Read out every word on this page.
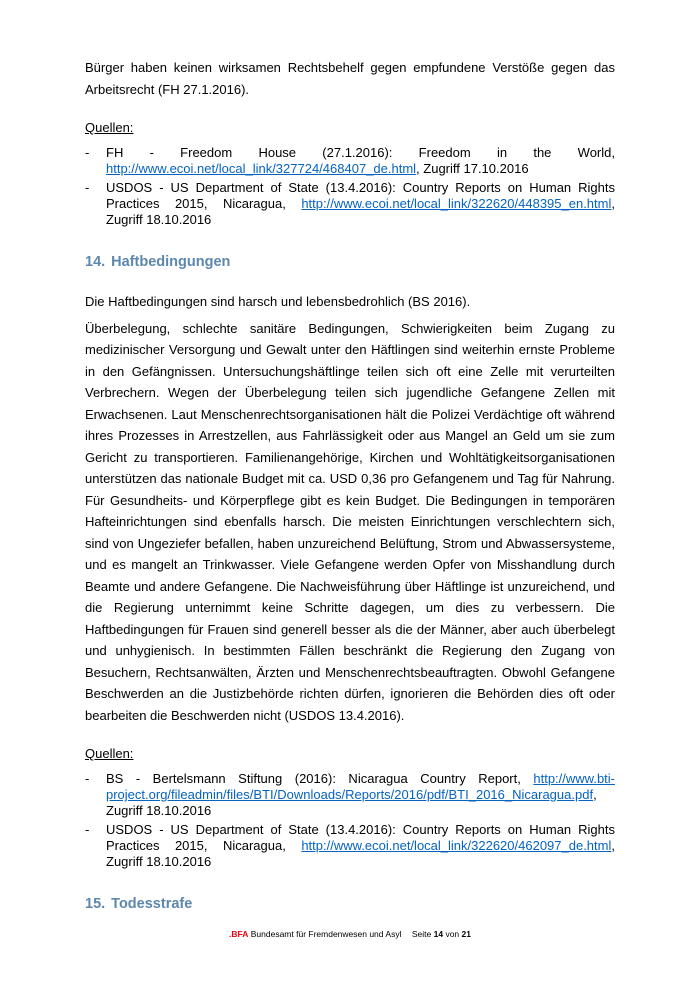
Bürger haben keinen wirksamen Rechtsbehelf gegen empfundene Verstöße gegen das Arbeitsrecht (FH 27.1.2016).

Quellen:
-	FH - Freedom House (27.1.2016): Freedom in the World, http://www.ecoi.net/local_link/327724/468407_de.html, Zugriff 17.10.2016
-	USDOS - US Department of State (13.4.2016): Country Reports on Human Rights Practices 2015, Nicaragua, http://www.ecoi.net/local_link/322620/448395_en.html, Zugriff 18.10.2016
14. Haftbedingungen

Die Haftbedingungen sind harsch und lebensbedrohlich (BS 2016).

Überbelegung, schlechte sanitäre Bedingungen, Schwierigkeiten beim Zugang zu medizinischer Versorgung und Gewalt unter den Häftlingen sind weiterhin ernste Probleme in den Gefängnissen. Untersuchungshäftlinge teilen sich oft eine Zelle mit verurteilten Verbrechern. Wegen der Überbelegung teilen sich jugendliche Gefangene Zellen mit Erwachsenen. Laut Menschenrechtsorganisationen hält die Polizei Verdächtige oft während ihres Prozesses in Arrestzellen, aus Fahrlässigkeit oder aus Mangel an Geld um sie zum Gericht zu transportieren. Familienangehörige, Kirchen und Wohltätigkeitsorganisationen unterstützen das nationale Budget mit ca. USD 0,36 pro Gefangenem und Tag für Nahrung. Für Gesundheits- und Körperpflege gibt es kein Budget. Die Bedingungen in temporären Hafteinrichtungen sind ebenfalls harsch. Die meisten Einrichtungen verschlechtern sich, sind von Ungeziefer befallen, haben unzureichend Belüftung, Strom und Abwassersysteme, und es mangelt an Trinkwasser. Viele Gefangene werden Opfer von Misshandlung durch Beamte und andere Gefangene. Die Nachweisführung über Häftlinge ist unzureichend, und die Regierung unternimmt keine Schritte dagegen, um dies zu verbessern. Die Haftbedingungen für Frauen sind generell besser als die der Männer, aber auch überbelegt und unhygienisch. In bestimmten Fällen beschränkt die Regierung den Zugang von Besuchern, Rechtsanwälten, Ärzten und Menschenrechtsbeauftragten. Obwohl Gefangene Beschwerden an die Justizbehörde richten dürfen, ignorieren die Behörden dies oft oder bearbeiten die Beschwerden nicht (USDOS 13.4.2016).

Quellen:
-	BS - Bertelsmann Stiftung (2016): Nicaragua Country Report, http://www.bti-project.org/fileadmin/files/BTI/Downloads/Reports/2016/pdf/BTI_2016_Nicaragua.pdf, Zugriff 18.10.2016
-	USDOS - US Department of State (13.4.2016): Country Reports on Human Rights Practices 2015, Nicaragua, http://www.ecoi.net/local_link/322620/462097_de.html, Zugriff 18.10.2016
15. Todesstrafe
.BFA Bundesamt für Fremdenwesen und Asyl Seite 14 von 21
